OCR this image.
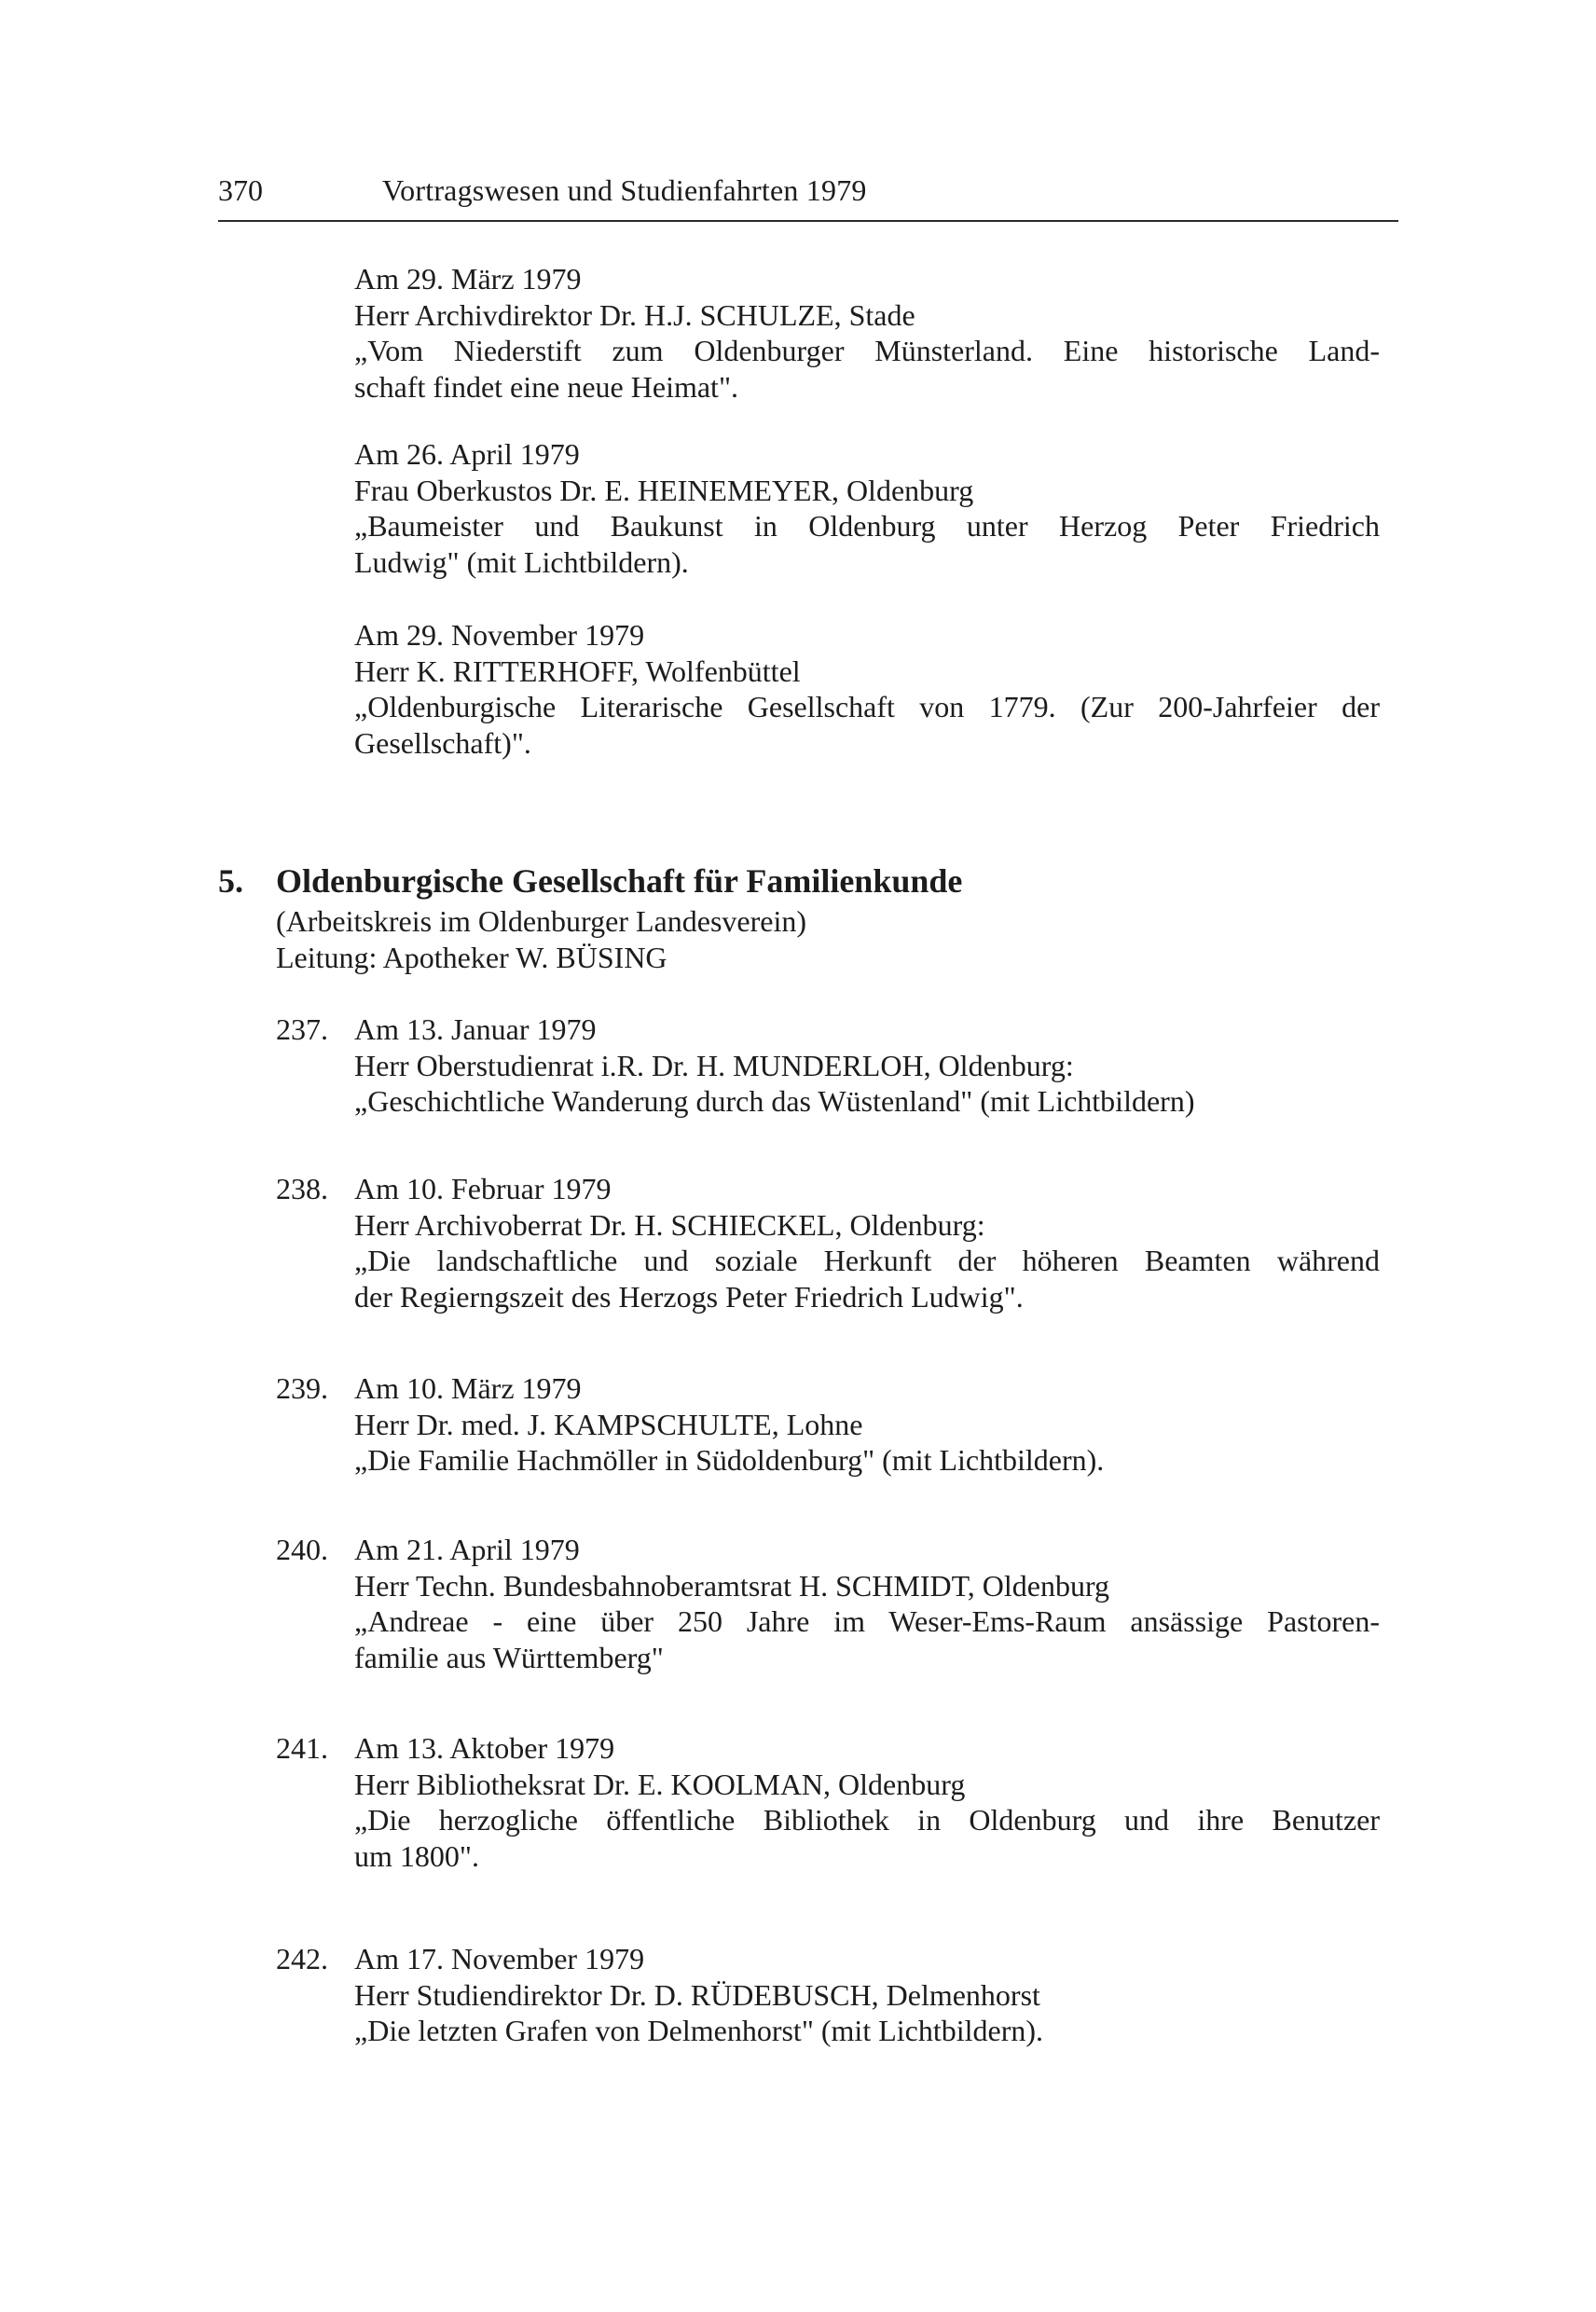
370	Vortragswesen und Studienfahrten 1979
Am 29. März 1979
Herr Archivdirektor Dr. H.J. SCHULZE, Stade
„Vom Niederstift zum Oldenburger Münsterland. Eine historische Land-
schaft findet eine neue Heimat".
Am 26. April 1979
Frau Oberkustos Dr. E. HEINEMEYER, Oldenburg
„Baumeister und Baukunst in Oldenburg unter Herzog Peter Friedrich
Ludwig" (mit Lichtbildern).
Am 29. November 1979
Herr K. RITTERHOFF, Wolfenbüttel
„Oldenburgische Literarische Gesellschaft von 1779. (Zur 200-Jahrfeier der
Gesellschaft)".
5. Oldenburgische Gesellschaft für Familienkunde
(Arbeitskreis im Oldenburger Landesverein)
Leitung: Apotheker W. BÜSING
237. Am 13. Januar 1979
Herr Oberstudienrat i.R. Dr. H. MUNDERLOH, Oldenburg:
„Geschichtliche Wanderung durch das Wüstenland" (mit Lichtbildern)
238. Am 10. Februar 1979
Herr Archivoberrat Dr. H. SCHIECKEL, Oldenburg:
„Die landschaftliche und soziale Herkunft der höheren Beamten während
der Regierngszeit des Herzogs Peter Friedrich Ludwig".
239. Am 10. März 1979
Herr Dr. med. J. KAMPSCHULTE, Lohne
„Die Familie Hachmöller in Südoldenburg" (mit Lichtbildern).
240. Am 21. April 1979
Herr Techn. Bundesbahnoberamtsrat H. SCHMIDT, Oldenburg
„Andreae - eine über 250 Jahre im Weser-Ems-Raum ansässige Pastoren-
familie aus Württemberg"
241. Am 13. Aktober 1979
Herr Bibliotheksrat Dr. E. KOOLMAN, Oldenburg
„Die herzogliche öffentliche Bibliothek in Oldenburg und ihre Benutzer
um 1800".
242. Am 17. November 1979
Herr Studiendirektor Dr. D. RÜDEBUSCH, Delmenhorst
„Die letzten Grafen von Delmenhorst" (mit Lichtbildern).
